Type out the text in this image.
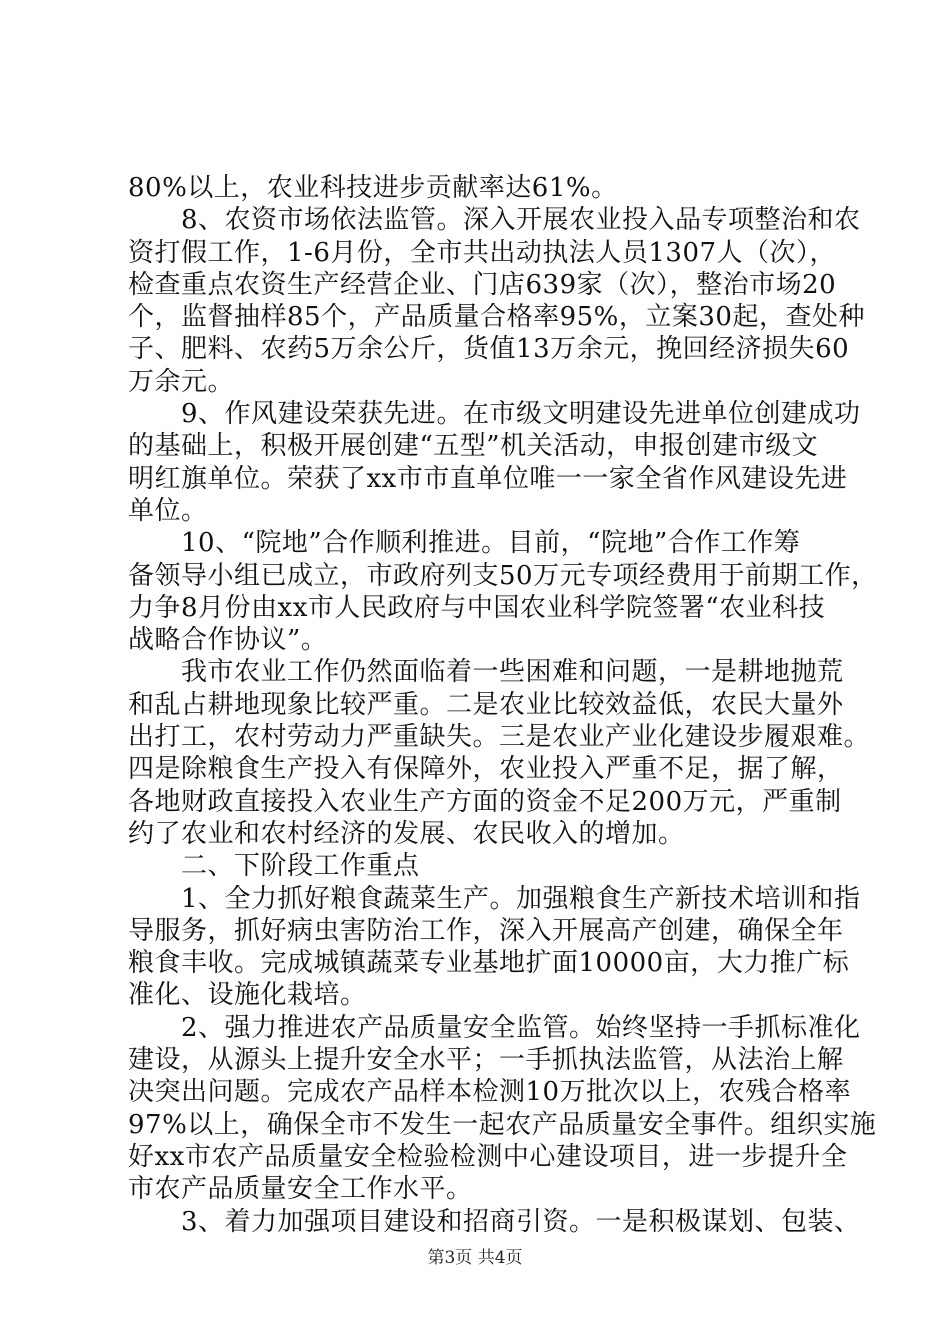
80%以上，农业科技进步贡献率达61%。
　　8、农资市场依法监管。深入开展农业投入品专项整治和农
资打假工作，1-6月份，全市共出动执法人员1307人（次），
检查重点农资生产经营企业、门店639家（次），整治市场20
个，监督抽样85个，产品质量合格率95%，立案30起，查处种
子、肥料、农药5万余公斤，货值13万余元，挽回经济损失60
万余元。
　　9、作风建设荣获先进。在市级文明建设先进单位创建成功
的基础上，积极开展创建“五型”机关活动，申报创建市级文
明红旗单位。荣获了xx市市直单位唯一一家全省作风建设先进
单位。
　　10、“院地”合作顺利推进。目前，“院地”合作工作筹
备领导小组已成立，市政府列支50万元专项经费用于前期工作，
力争8月份由xx市人民政府与中国农业科学院签署“农业科技
战略合作协议”。
　　我市农业工作仍然面临着一些困难和问题，一是耕地抛荒
和乱占耕地现象比较严重。二是农业比较效益低，农民大量外
出打工，农村劳动力严重缺失。三是农业产业化建设步履艰难。
四是除粮食生产投入有保障外，农业投入严重不足，据了解，
各地财政直接投入农业生产方面的资金不足200万元，严重制
约了农业和农村经济的发展、农民收入的增加。
　　二、下阶段工作重点
　　1、全力抓好粮食蔬菜生产。加强粮食生产新技术培训和指
导服务，抓好病虫害防治工作，深入开展高产创建，确保全年
粮食丰收。完成城镇蔬菜专业基地扩面10000亩，大力推广标
准化、设施化栽培。
　　2、强力推进农产品质量安全监管。始终坚持一手抓标准化
建设，从源头上提升安全水平；一手抓执法监管，从法治上解
决突出问题。完成农产品样本检测10万批次以上，农残合格率
97%以上，确保全市不发生一起农产品质量安全事件。组织实施
好xx市农产品质量安全检验检测中心建设项目，进一步提升全
市农产品质量安全工作水平。
　　3、着力加强项目建设和招商引资。一是积极谋划、包装、
第3页 共4页
